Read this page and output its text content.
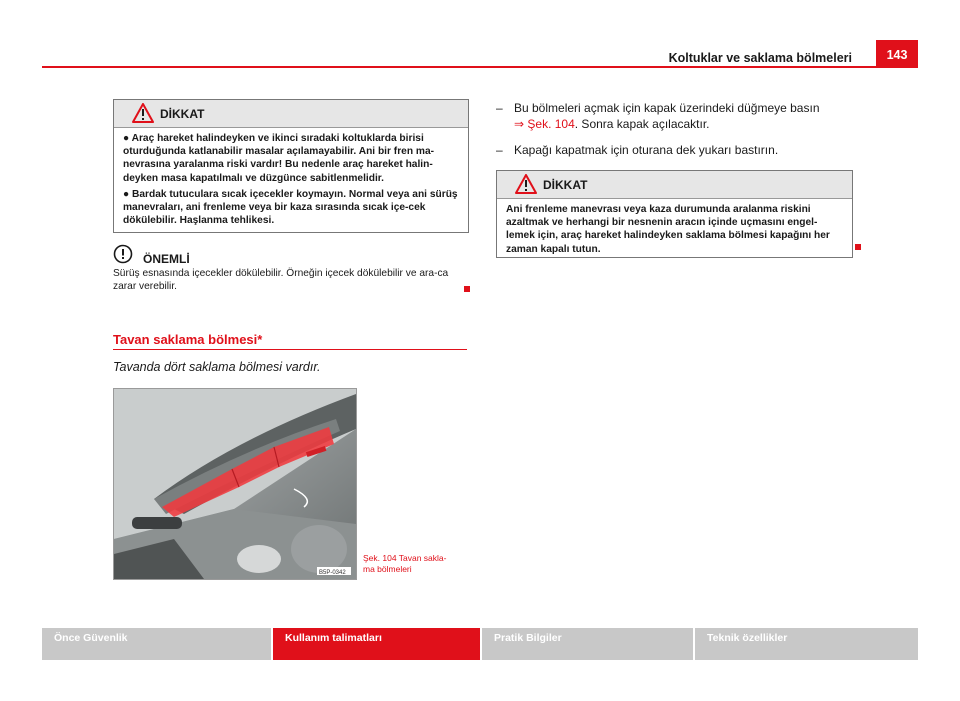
Koltuklar ve saklama bölmeleri	143
DİKKAT

● Araç hareket halindeyken ve ikinci sıradaki koltuklarda birisi oturduğunda katlanabilir masalar açılamayabilir. Ani bir fren ma-nevrasına yaralanma riski vardır! Bu nedenle araç hareket halin-deyken masa kapatılmalı ve düzgünce sabitlenmelidir.

● Bardak tutuculara sıcak içecekler koymayın. Normal veya ani sürüş manevraları, ani frenleme veya bir kaza sırasında sıcak içe-cek dökülebilir. Haşlanma tehlikesi.

ÖNEMLİ
Sürüş esnasında içecekler dökülebilir. Örneğin içecek dökülebilir ve ara-ca zarar verebilir.
Tavan saklama bölmesi*
Tavanda dört saklama bölmesi vardır.
B5P-0342
Şek. 104 Tavan sakla-
ma bölmeleri
– Bu bölmeleri açmak için kapak üzerindeki düğmeye basın
⇒ Şek. 104. Sonra kapak açılacaktır.
– Kapağı kapatmak için oturana dek yukarı bastırın.
DİKKAT

Ani frenleme manevrası veya kaza durumunda aralanma riskini azaltmak ve herhangi bir nesnenin aracın içinde uçmasını engel-lemek için, araç hareket halindeyken saklama bölmesi kapağını her zaman kapalı tutun.

Önce Güvenlik	Kullanım talimatları	Pratik Bilgiler	Teknik özellikler
